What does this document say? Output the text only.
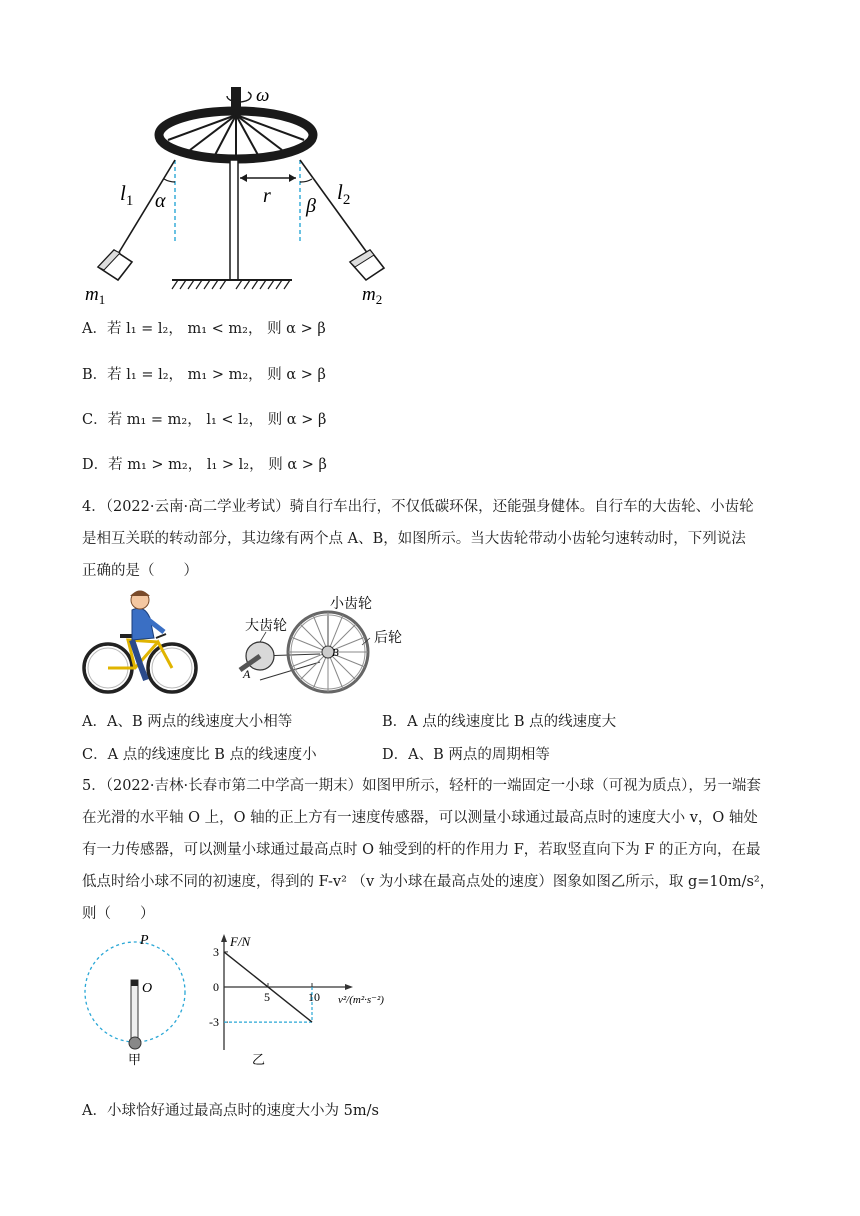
ω
r
$l_1$ α	β
$l_2$
$m_1$	$m_2$
A．若 l₁ = l₂， m₁ < m₂， 则 α > β
B．若 l₁ = l₂， m₁ > m₂， 则 α > β
C．若 m₁ = m₂， l₁ < l₂， 则 α > β
D．若 m₁ > m₂， l₁ > l₂， 则 α > β
4．（2022·云南·高二学业考试）骑自行车出行，不仅低碳环保，还能强身健体。自行车的大齿轮、小齿轮
是相互关联的转动部分，其边缘有两个点 A、B，如图所示。当大齿轮带动小齿轮匀速转动时，下列说法
正确的是（　　）
大齿轮
小齿轮
后轮
A
B
A．A、B 两点的线速度大小相等	B．A 点的线速度比 B 点的线速度大
C．A 点的线速度比 B 点的线速度小	D．A、B 两点的周期相等
5．（2022·吉林·长春市第二中学高一期末）如图甲所示，轻杆的一端固定一小球（可视为质点），另一端套
在光滑的水平轴 O 上，O 轴的正上方有一速度传感器，可以测量小球通过最高点时的速度大小 v，O 轴处
有一力传感器，可以测量小球通过最高点时 O 轴受到的杆的作用力 F，若取竖直向下为 F 的正方向，在最
低点时给小球不同的初速度，得到的 F-v² （v 为小球在最高点处的速度）图象如图乙所示，取 g=10m/s²，
则（　　）
P
O
甲
F/N
v²/(m²·s⁻²)
3
0
-3
5	10
乙
A．小球恰好通过最高点时的速度大小为 5m/s
